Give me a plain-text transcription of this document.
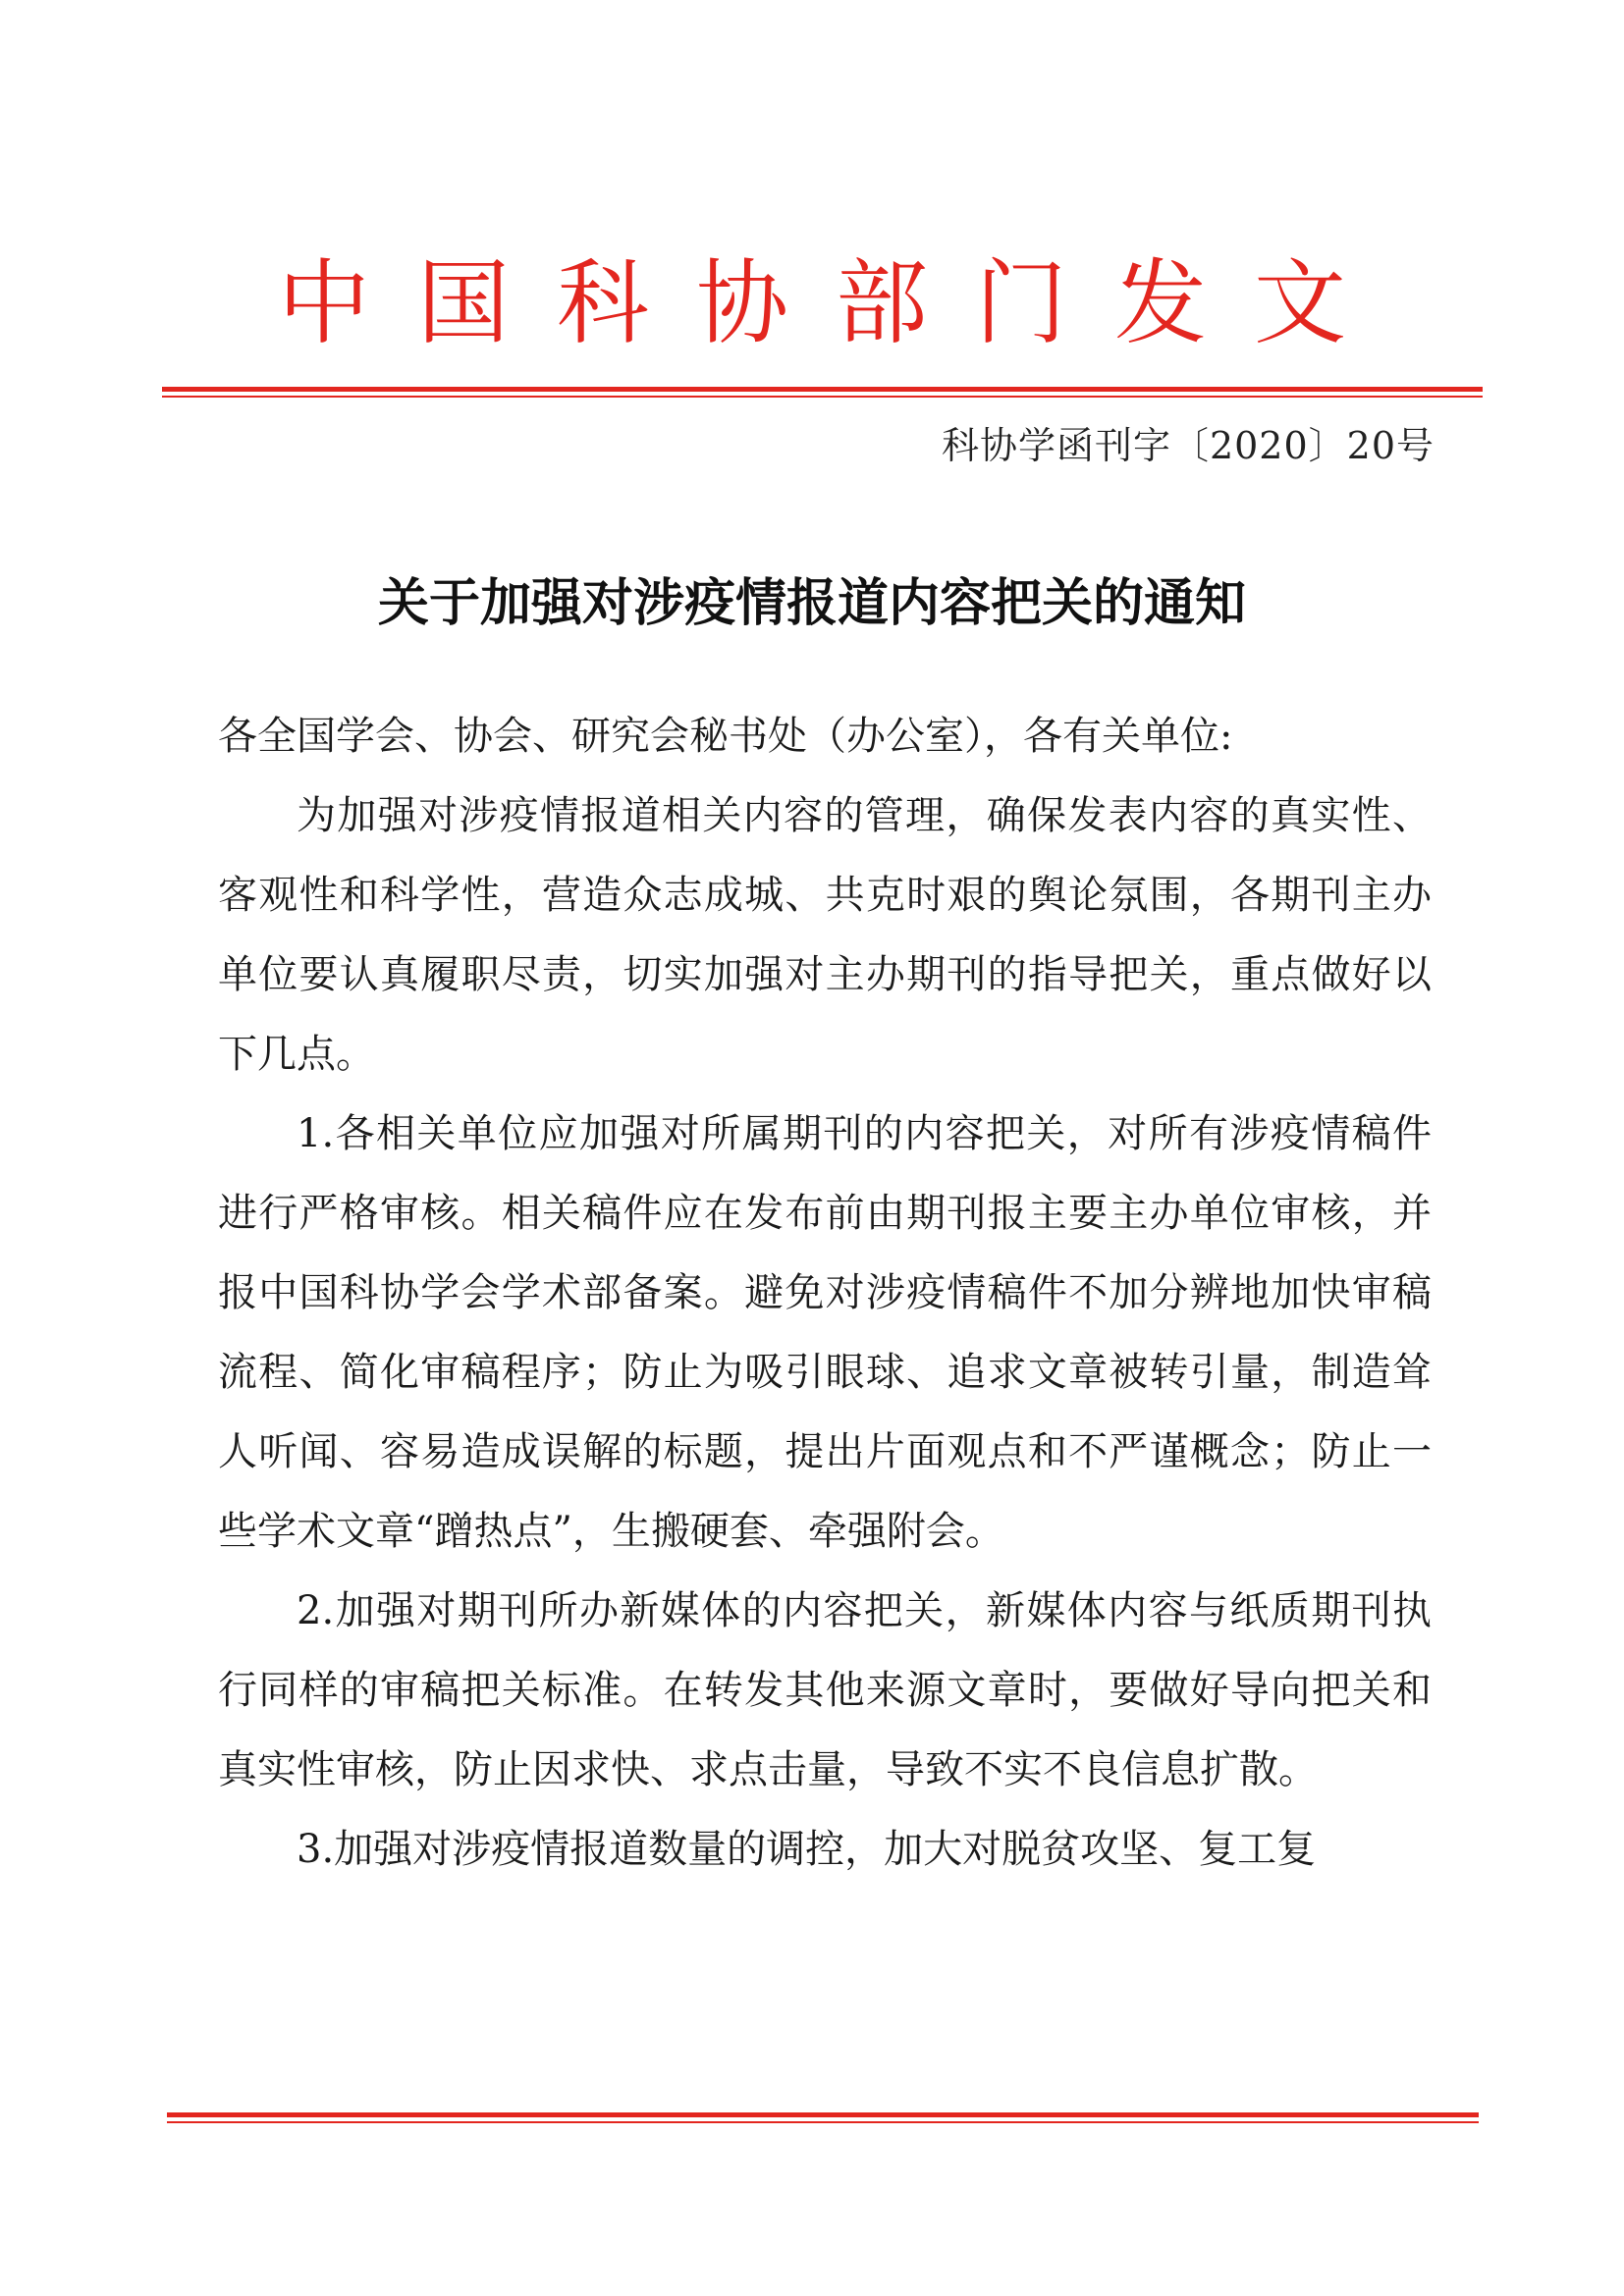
中国科协部门发文
科协学函刊字〔2020〕20号
关于加强对涉疫情报道内容把关的通知

各全国学会、协会、研究会秘书处（办公室），各有关单位:

为加强对涉疫情报道相关内容的管理，确保发表内容的真实性、客观性和科学性，营造众志成城、共克时艰的舆论氛围，各期刊主办单位要认真履职尽责，切实加强对主办期刊的指导把关，重点做好以下几点。

1.各相关单位应加强对所属期刊的内容把关，对所有涉疫情稿件进行严格审核。相关稿件应在发布前由期刊报主要主办单位审核，并报中国科协学会学术部备案。避免对涉疫情稿件不加分辨地加快审稿流程、简化审稿程序；防止为吸引眼球、追求文章被转引量，制造耸人听闻、容易造成误解的标题，提出片面观点和不严谨概念；防止一些学术文章“蹭热点”，生搬硬套、牵强附会。

2.加强对期刊所办新媒体的内容把关，新媒体内容与纸质期刊执行同样的审稿把关标准。在转发其他来源文章时，要做好导向把关和真实性审核，防止因求快、求点击量，导致不实不良信息扩散。

3.加强对涉疫情报道数量的调控，加大对脱贫攻坚、复工复
